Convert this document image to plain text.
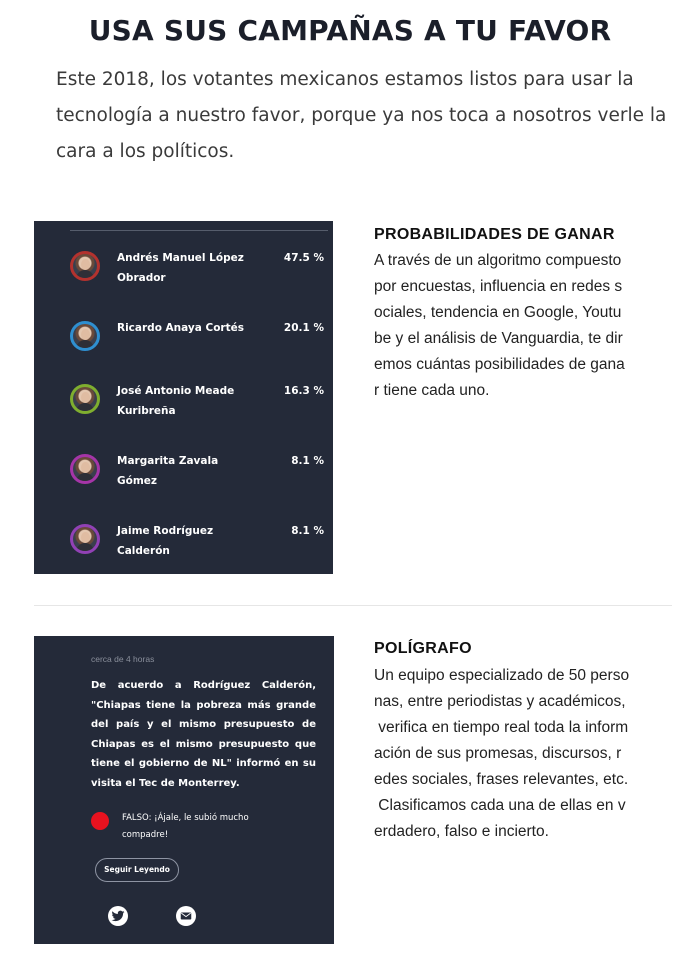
USA SUS CAMPAÑAS A TU FAVOR
Este 2018, los votantes mexicanos estamos listos para usar la tecnología a nuestro favor, porque ya nos toca a nosotros verle la cara a los políticos.
Andrés Manuel López Obrador
47.5 %
Ricardo Anaya Cortés	20.1 %
José Antonio Meade Kuribreña
16.3 %
Margarita Zavala Gómez
8.1 %
Jaime Rodríguez Calderón
8.1 %
PROBABILIDADES DE GANAR
A través de un algoritmo compuesto
por encuestas, influencia en redes s
ociales, tendencia en Google, Youtu
be y el análisis de Vanguardia, te dir
emos cuántas posibilidades de gana
r tiene cada uno.
cerca de 4 horas
De acuerdo a Rodríguez Calderón, "Chiapas tiene la pobreza más grande del país y el mismo presupuesto de Chiapas es el mismo presupuesto que tiene el gobierno de NL" informó en su visita el Tec de Monterrey.
FALSO: ¡Ájale, le subió mucho compadre!
Seguir Leyendo
POLÍGRAFO
Un equipo especializado de 50 perso
nas, entre periodistas y académicos,
verifica en tiempo real toda la inform
ación de sus promesas, discursos, r
edes sociales, frases relevantes, etc.
Clasificamos cada una de ellas en v
erdadero, falso e incierto.
